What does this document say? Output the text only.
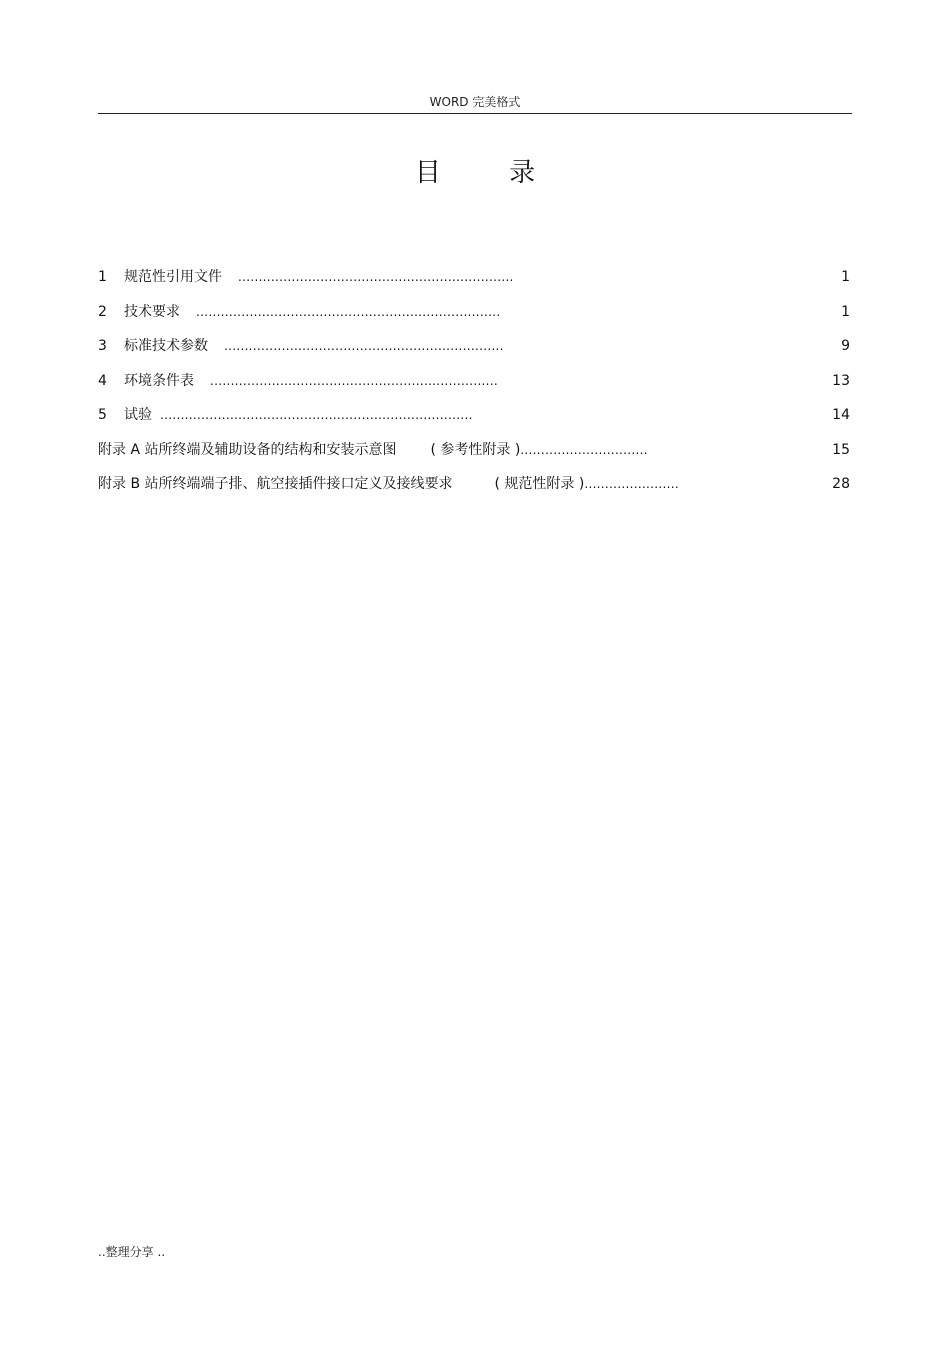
WORD 完美格式
目 录
1 规范性引用文件 ...................................................................	1
2 技术要求 ..........................................................................	1
3 标准技术参数 ....................................................................	9
4 环境条件表 ......................................................................	13
5 试验 ............................................................................	14
附录 A 站所终端及辅助设备的结构和安装示意图 ( 参考性附录 )...............................	15
附录 B 站所终端端子排、航空接插件接口定义及接线要求	( 规范性附录 ).......................	28
..整理分享 ..
